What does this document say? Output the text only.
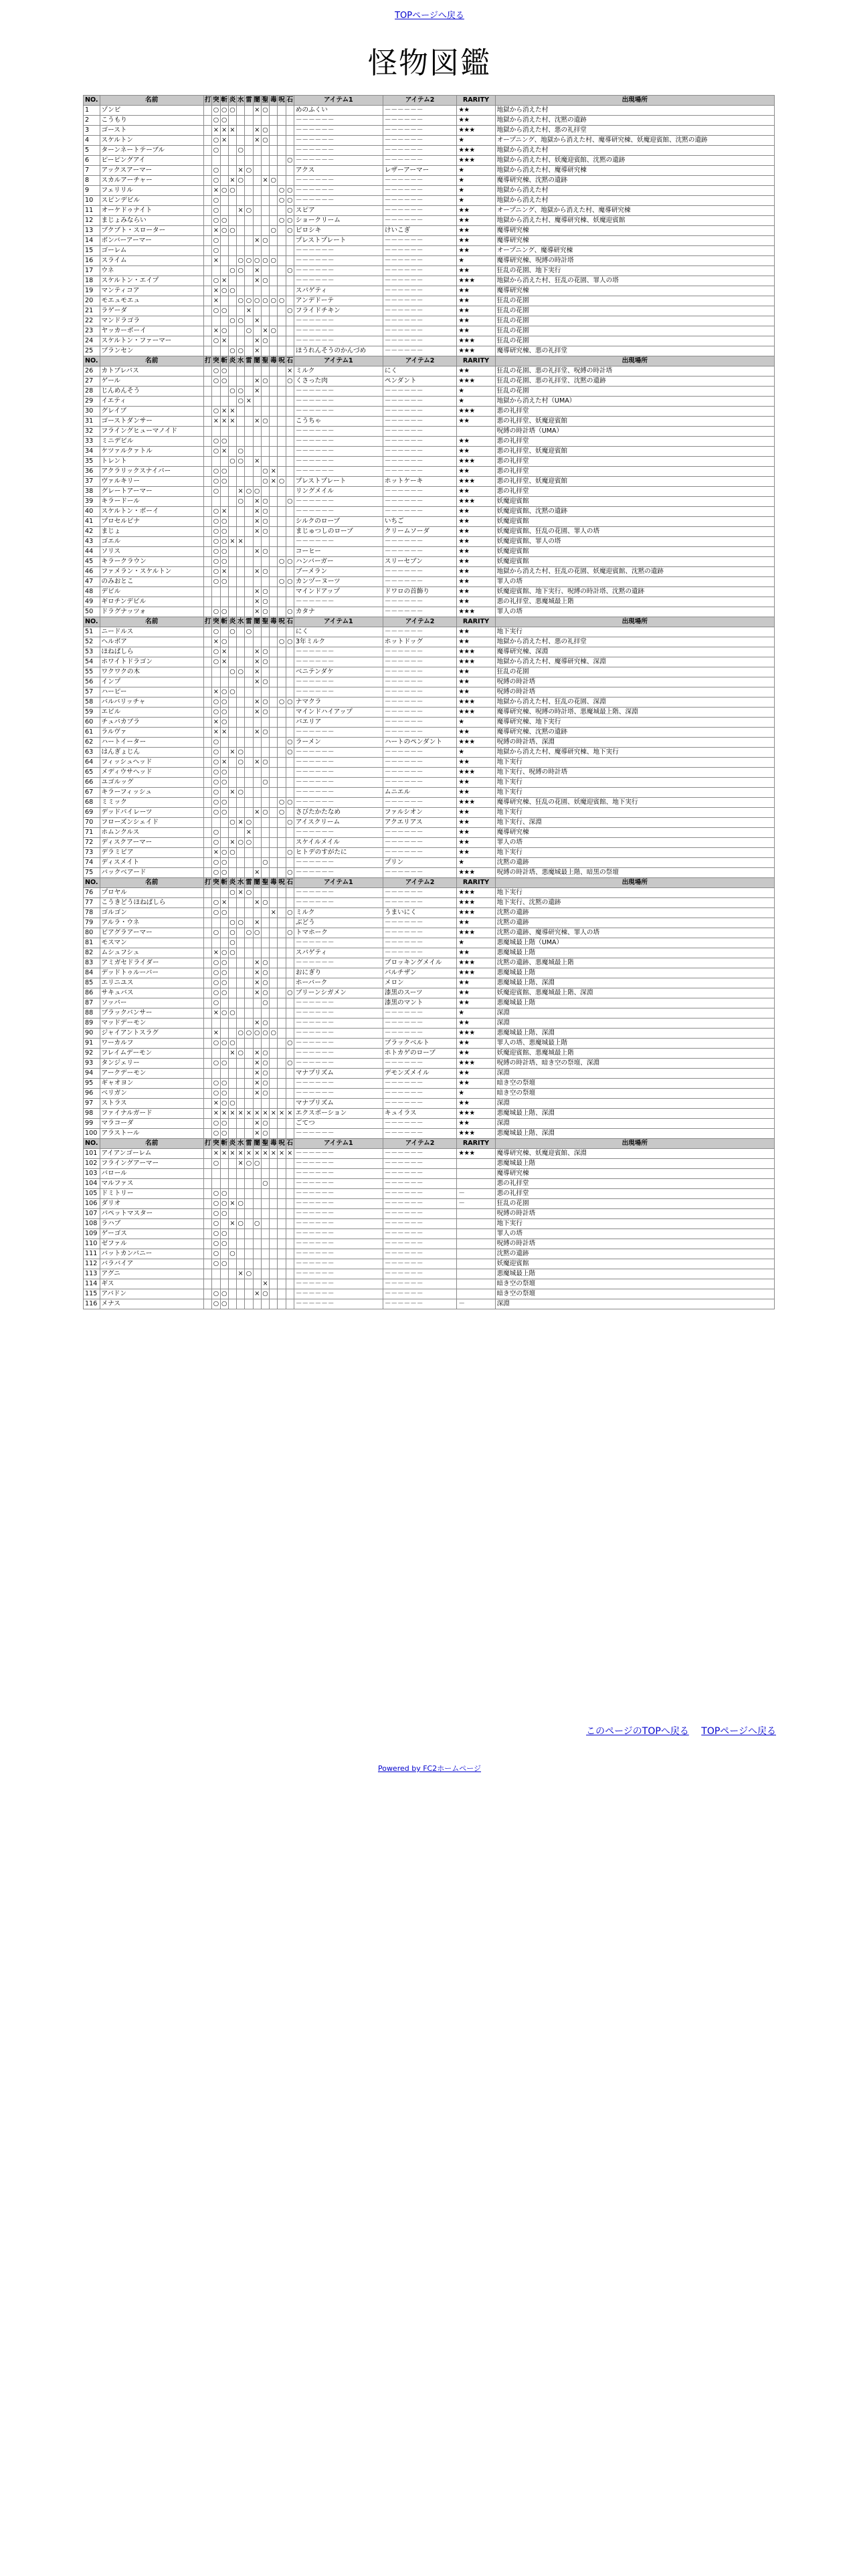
TOPページへ戻る
怪物図鑑
NO.	名前	打	突	斬	炎	水	雷	闇	聖	毒	呪	石	アイテム1	アイテム2	RARITY	出現場所
1	ゾンビ		○	○	○			×	○				めのふくい	－－－－－－	★★	地獄から消えた村
2	こうもり		○	○									－－－－－－	－－－－－－	★★	地獄から消えた村、沈黙の遺跡
3	ゴースト		×	×	×			×	○				－－－－－－	－－－－－－	★★★	地獄から消えた村、悪の礼拝堂
4	スケルトン		○	×				×	○				－－－－－－	－－－－－－	★	オープニング、地獄から消えた村、魔導研究棟、妖魔迎賓館、沈黙の遺跡
5	ターンネートテーブル		○			○							－－－－－－	－－－－－－	★★★	地獄から消えた村
6	ピーピングアイ											○	－－－－－－	－－－－－－	★★★	地獄から消えた村、妖魔迎賓館、沈黙の遺跡
7	アックスアーマー		○			×	○						アクス	レザーアーマー	★	地獄から消えた村、魔導研究棟
8	スカルアーチャー		○		×	○			×	○			－－－－－－	－－－－－－	★	魔導研究棟、沈黙の遺跡
9	フェリリル		×	○	○						○	○	－－－－－－	－－－－－－	★	地獄から消えた村
10	スピンデビル		○								○	○	－－－－－－	－－－－－－	★	地獄から消えた村
11	オーケドゥナイト		○			×	○					○	スピア	－－－－－－	★★	オープニング、地獄から消えた村、魔導研究棟
12	まじょみならい		○	○							○	○	ショークリーム	－－－－－－	★★	地獄から消えた村、魔導研究棟、妖魔迎賓館
13	ブクブト・スローター		×	○	○					○		○	ピロシキ	けいこぎ	★★	魔導研究棟
14	ボンバーアーマー		○					×	○				プレストプレート	－－－－－－	★★	魔導研究棟
15	ゴーレム		○										－－－－－－	－－－－－－	★★	オープニング、魔導研究棟
16	スライム		×			○	○	○	○	○			－－－－－－	－－－－－－	★	魔導研究棟、呪縛の時計塔
17	ウネ				○	○		×				○	－－－－－－	－－－－－－	★★	狂乱の花園、地下実行
18	スケルトン・エイプ		○	×				×	○				－－－－－－	－－－－－－	★★★	地獄から消えた村、狂乱の花園、罪人の塔
19	マンティコア		×	○	○								スパゲティ	－－－－－－	★★	魔導研究棟
20	モエュモエュ		×			○	○	○	○	○	○		アンデドーテ	－－－－－－	★★	狂乱の花園
21	ラゲーダ		○	○			×					○	フライドチキン	－－－－－－	★★	狂乱の花園
22	マンドラゴラ				○	○		×					－－－－－－	－－－－－－	★★	狂乱の花園
23	ヤッカーボーイ		×	○			○		×	○			－－－－－－	－－－－－－	★★	狂乱の花園
24	スケルトン・ファーマー		○	×				×	○				－－－－－－	－－－－－－	★★★	狂乱の花園
25	ブランセン				○	○		×					ほうれんそうのかんづめ	－－－－－－	★★★	魔導研究棟、悪の礼拝堂
NO.	名前	打	突	斬	炎	水	雷	闇	聖	毒	呪	石	アイテム1	アイテム2	RARITY	出現場所
26	カトブレパス		○	○								×	ミルク	にく	★★	狂乱の花園、悪の礼拝堂、呪縛の時計塔
27	ゲール		○	○				×	○			○	くさった肉	ペンダント	★★★	狂乱の花園、悪の礼拝堂、沈黙の遺跡
28	じんめんそう				○	○		×					－－－－－－	－－－－－－	★	狂乱の花園
29	イエティ					○	×						－－－－－－	－－－－－－	★	地獄から消えた村（UMA）
30	グレイブ		○	×	×								－－－－－－	－－－－－－	★★★	悪の礼拝堂
31	ゴーストダンサー		×	×	×			×	○				こうちゃ	－－－－－－	★★	悪の礼拝堂、妖魔迎賓館
32	フライングヒューマノイド												－－－－－－	－－－－－－		呪縛の時計塔（UMA）
33	ミニデビル		○	○									－－－－－－	－－－－－－	★★	悪の礼拝堂
34	ケツァルクァトル		○	×		○							－－－－－－	－－－－－－	★★	悪の礼拝堂、妖魔迎賓館
35	トレント				○	○		×					－－－－－－	－－－－－－	★★★	悪の礼拝堂
36	アクラリックスナイパー		○	○					○	×			－－－－－－	－－－－－－	★★	悪の礼拝堂
37	ヴァルキリー		○	○					○	×	○		プレストプレート	ホットケーキ	★★★	悪の礼拝堂、妖魔迎賓館
38	グレートアーマー		○			×	○	○					リングメイル	－－－－－－	★★	悪の礼拝堂
39	キラードール					○		×	○			○	－－－－－－	－－－－－－	★★★	妖魔迎賓館
40	スケルトン・ボーイ		○	×				×	○				－－－－－－	－－－－－－	★★	妖魔迎賓館、沈黙の遺跡
41	プロセルピナ		○	○				×	○				シルクのローブ	いちご	★★	妖魔迎賓館
42	まじょ		○	○				×	○				まじゅつしのローブ	クリームソーダ	★★	妖魔迎賓館、狂乱の花園、罪人の塔
43	ゴエル		○	○	×	×							－－－－－－	－－－－－－	★★	妖魔迎賓館、罪人の塔
44	ソリス		○	○				×	○				コーヒー	－－－－－－	★★	妖魔迎賓館
45	キラークラウン		○	○							○	○	ハンバーガー	スリーセブン	★★	妖魔迎賓館
46	ファメラン・スケルトン		○	×				×	○				ブーメラン	－－－－－－	★★	地獄から消えた村、狂乱の花園、妖魔迎賓館、沈黙の遺跡
47	のみおとこ		○	○							○	○	カンヅーヌーツ	－－－－－－	★★	罪人の塔
48	デビル							×	○				マインドアップ	ドワロの首飾り	★★	妖魔迎賓館、地下実行、呪縛の時計塔、沈黙の遺跡
49	ギロチンデビル							×	○				－－－－－－	－－－－－－	★★	悪の礼拝堂、悪魔城最上階
50	ドラグナッツォ		○	○				×	○			○	カタナ	－－－－－－	★★★	罪人の塔
NO.	名前	打	突	斬	炎	水	雷	闇	聖	毒	呪	石	アイテム1	アイテム2	RARITY	出現場所
51	ニードルス		○		○		○						にく	－－－－－－	★★	地下実行
52	ヘルボア		×	○							○	○	3年ミルク	ホットドッグ	★★	地獄から消えた村、悪の礼拝堂
53	ほねぱしら		○	×				×	○				－－－－－－	－－－－－－	★★★	魔導研究棟、深淵
54	ホワイトドラゴン		○	×				×	○				－－－－－－	－－－－－－	★★★	地獄から消えた村、魔導研究棟、深淵
55	ワクワクの木				○	○		×					ベニテンダケ	－－－－－－	★★	狂乱の花園
56	インプ							×	○				－－－－－－	－－－－－－	★★	呪縛の時計塔
57	ハーピー		×	○	○								－－－－－－	－－－－－－	★★	呪縛の時計塔
58	バルバリッチャ		○	○				×	○		○	○	ナマクラ	－－－－－－	★★★	地獄から消えた村、狂乱の花園、深淵
59	エビル		○	○				×	○				マインドハイアップ	－－－－－－	★★★	魔導研究棟、呪縛の時計塔、悪魔城最上階、深淵
60	チュパカブラ		×	○									パエリア	－－－－－－	★	魔導研究棟、地下実行
61	ラルヴァ		×	×				×	○				－－－－－－	－－－－－－	★★	魔導研究棟、沈黙の遺跡
62	ハートイーター		○									○	ラーメン	ハートのペンダント	★★★	呪縛の時計塔、深淵
63	はんぎょじん		○		×	○						○	－－－－－－	－－－－－－	★	地獄から消えた村、魔導研究棟、地下実行
64	フィッシュヘッド		○	×		○		×	○				－－－－－－	－－－－－－	★★	地下実行
65	メディウサヘッド		○	○									－－－－－－	－－－－－－	★★★	地下実行、呪縛の時計塔
66	ユゴルッグ		○	○					○				－－－－－－	－－－－－－	★★	地下実行
67	キラーフィッシュ		○		×	○							－－－－－－	ムニエル	★★	地下実行
68	ミミック		○	○							○	○	－－－－－－	－－－－－－	★★★	魔導研究棟、狂乱の花園、妖魔迎賓館、地下実行
69	デッドパイレーツ		○	○				×	○		○		さびたかたなめ	ファルシオン	★★	地下実行
70	フローズンシェイド				○	×	○					○	アイスクリーム	アクエリアス	★★	地下実行、深淵
71	ホムンクルス		○				×						－－－－－－	－－－－－－	★★	魔導研究棟
72	ディスクアーマー		○		×	○	○						スケイルメイル	－－－－－－	★★	罪人の塔
73	デラミビア		×	○	○							○	ヒトデのすがたに	－－－－－－	★★	地下実行
74	ディスメイト		○	○					○				－－－－－－	プリン	★	沈黙の遺跡
75	バックベアード		○	○				×				○	－－－－－－	－－－－－－	★★★	呪縛の時計塔、悪魔城最上階、暗黒の祭壇
NO.	名前	打	突	斬	炎	水	雷	闇	聖	毒	呪	石	アイテム1	アイテム2	RARITY	出現場所
76	プロヤル				○	×	○						－－－－－－	－－－－－－	★★★	地下実行
77	こうきどうほねばしら		○	×				×	○				－－－－－－	－－－－－－	★★★	地下実行、沈黙の遺跡
78	ゴルゴン		○	○						×		○	ミルク	うまいにく	★★★	沈黙の遺跡
79	アルラ・ウネ				○	○		×					ぶどう	－－－－－－	★★	沈黙の遺跡
80	ビアグラアーマー		○		○		○	○				○	トマホーク	－－－－－－	★★★	沈黙の遺跡、魔導研究棟、罪人の塔
81	モスマン				○								－－－－－－	－－－－－－	★	悪魔城最上階（UMA）
82	ムシュフシュ		×	○	○								スパゲティ	－－－－－－	★★	悪魔城最上階
83	アミガセドライダー		○	○				×	○				－－－－－－	ブロッキングメイル	★★★	沈黙の遺跡、悪魔城最上階
84	デッドトゥルーパー		○	○				×	○				おにぎり	パルチザン	★★★	悪魔城最上階
85	エリニユス		○	○				×	○				ホーバーク	メロン	★★	悪魔城最上階、深淵
86	サキュバス		○	○				×	○			○	ブリーンシガメン	漆黒のスーツ	★★	妖魔迎賓館、悪魔城最上階、深淵
87	ソッパー		○						○				－－－－－－	漆黒のマント	★★	悪魔城最上階
88	ブラックパンサー		×	○	○								－－－－－－	－－－－－－	★	深淵
89	マッドデーモン							×	○				－－－－－－	－－－－－－	★★	深淵
90	ジャイアントスラグ		×			○	○	○	○	○			－－－－－－	－－－－－－	★★★	悪魔城最上階、深淵
91	ワーカルフ		○	○	○							○	－－－－－－	ブラックベルト	★★	罪人の塔、悪魔城最上階
92	フレイムデーモン				×	○		×	○				－－－－－－	ホトカゲのローブ	★★	妖魔迎賓館、悪魔城最上階
93	タンジェリー		○	○				×	○			○	－－－－－－	－－－－－－	★★★	呪縛の時計塔、暗き空の祭壇、深淵
94	アークデーモン							×	○				マナプリズム	デモンズメイル	★★	深淵
95	ギャオヨン		○	○				×	○				－－－－－－	－－－－－－	★★	暗き空の祭壇
96	ベリガン		○	○				×	○				－－－－－－	－－－－－－	★	暗き空の祭壇
97	ストラス		×	○	○								マナプリズム	－－－－－－	★★	深淵
98	ファイナルガード		×	×	×	×	×	×	×	×	×	×	エクスポーション	キュイラス	★★★	悪魔城最上階、深淵
99	マラコーダ		○	○				×	○				ごてつ	－－－－－－	★★	深淵
100	アラストール		○	○				×	○				－－－－－－	－－－－－－	★★★	悪魔城最上階、深淵
NO.	名前	打	突	斬	炎	水	雷	闇	聖	毒	呪	石	アイテム1	アイテム2	RARITY	出現場所
101	アイアンゴーレム		×	×	×	×	×	×	×	×	×	×	－－－－－－	－－－－－－	★★★	魔導研究棟、妖魔迎賓館、深淵
102	フライングアーマー		○			×	○	○					－－－－－－	－－－－－－		悪魔城最上階
103	バロール												－－－－－－	－－－－－－		魔導研究棟
104	マルファス								○				－－－－－－	－－－－－－		悪の礼拝堂
105	ドミトリー		○	○									－－－－－－	－－－－－－	－	悪の礼拝堂
106	ダリオ		○	○	×	○							－－－－－－	－－－－－－	－	狂乱の花園
107	パペットマスター		○	○									－－－－－－	－－－－－－		呪縛の時計塔
108	ラハブ		○		×	○		○					－－－－－－	－－－－－－		地下実行
109	ゲーゴス		○	○									－－－－－－	－－－－－－		罪人の塔
110	ゼファル		○	○									－－－－－－	－－－－－－		呪縛の時計塔
111	バットカンパニー		○		○								－－－－－－	－－－－－－		沈黙の遺跡
112	バラバイア		○	○									－－－－－－	－－－－－－		妖魔迎賓館
113	アグニ					×	○						－－－－－－	－－－－－－		悪魔城最上階
114	ギス								×				－－－－－－	－－－－－－		暗き空の祭壇
115	アバドン		○	○				×	○				－－－－－－	－－－－－－		暗き空の祭壇
116	メナス		○	○									－－－－－－	－－－－－－	－	深淵
このページのTOPへ戻る TOPページへ戻る
Powered by FC2ホームページ
